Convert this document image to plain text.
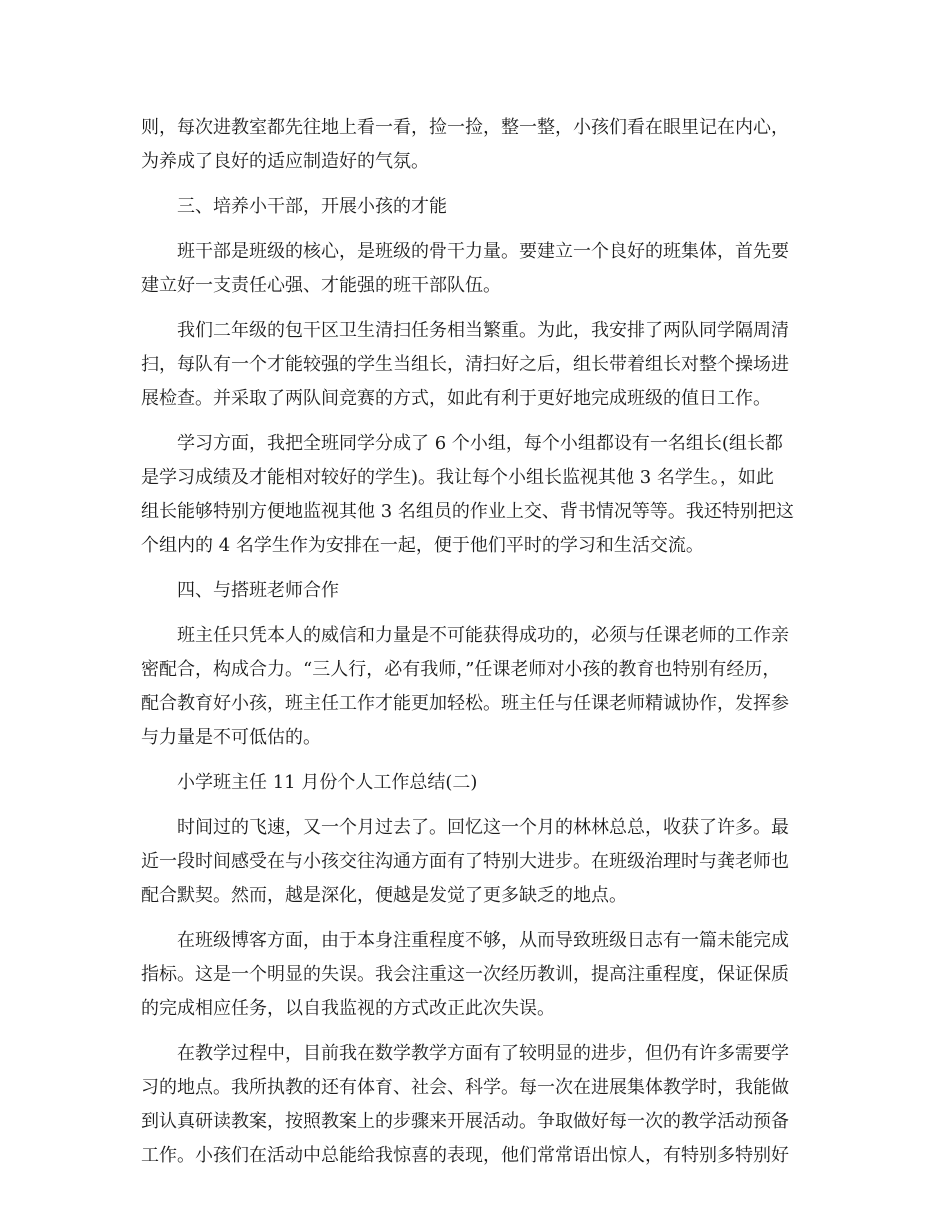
则，每次进教室都先往地上看一看，捡一捡，整一整，小孩们看在眼里记在内心，
为养成了良好的适应制造好的气氛。
三、培养小干部，开展小孩的才能
班干部是班级的核心，是班级的骨干力量。要建立一个良好的班集体，首先要
建立好一支责任心强、才能强的班干部队伍。
我们二年级的包干区卫生清扫任务相当繁重。为此，我安排了两队同学隔周清
扫，每队有一个才能较强的学生当组长，清扫好之后，组长带着组长对整个操场进
展检查。并采取了两队间竞赛的方式，如此有利于更好地完成班级的值日工作。
学习方面，我把全班同学分成了 6 个小组，每个小组都设有一名组长(组长都
是学习成绩及才能相对较好的学生)。我让每个小组长监视其他 3 名学生。，如此
组长能够特别方便地监视其他 3 名组员的作业上交、背书情况等等。我还特别把这
个组内的 4 名学生作为安排在一起，便于他们平时的学习和生活交流。
四、与搭班老师合作
班主任只凭本人的威信和力量是不可能获得成功的，必须与任课老师的工作亲
密配合，构成合力。“三人行，必有我师，”任课老师对小孩的教育也特别有经历，
配合教育好小孩，班主任工作才能更加轻松。班主任与任课老师精诚协作，发挥参
与力量是不可低估的。
小学班主任 11 月份个人工作总结(二)
时间过的飞速，又一个月过去了。回忆这一个月的林林总总，收获了许多。最
近一段时间感受在与小孩交往沟通方面有了特别大进步。在班级治理时与龚老师也
配合默契。然而，越是深化，便越是发觉了更多缺乏的地点。
在班级博客方面，由于本身注重程度不够，从而导致班级日志有一篇未能完成
指标。这是一个明显的失误。我会注重这一次经历教训，提高注重程度，保证保质
的完成相应任务，以自我监视的方式改正此次失误。
在教学过程中，目前我在数学教学方面有了较明显的进步，但仍有许多需要学
习的地点。我所执教的还有体育、社会、科学。每一次在进展集体教学时，我能做
到认真研读教案，按照教案上的步骤来开展活动。争取做好每一次的教学活动预备
工作。小孩们在活动中总能给我惊喜的表现，他们常常语出惊人，有特别多特别好
